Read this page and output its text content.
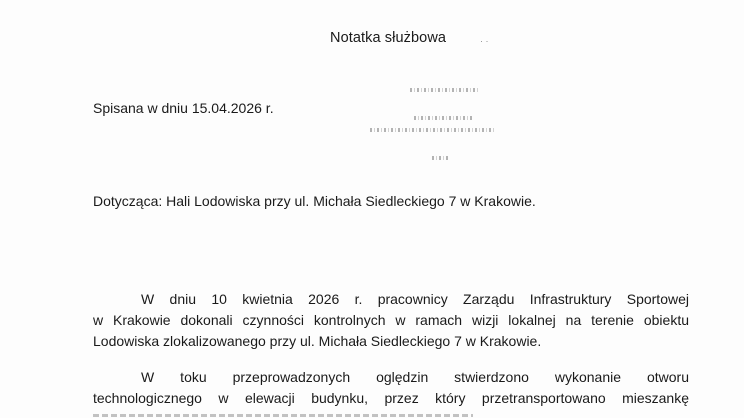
Notatka służbowa	· ·
Spisana w dniu 15.04.2026 r.
Dotycząca: Hali Lodowiska przy ul. Michała Siedleckiego 7 w Krakowie.
W dniu 10 kwietnia 2026 r. pracownicy Zarządu Infrastruktury Sportowej
w Krakowie dokonali czynności kontrolnych w ramach wizji lokalnej na terenie obiektu
Lodowiska zlokalizowanego przy ul. Michała Siedleckiego 7 w Krakowie.
W toku przeprowadzonych oględzin stwierdzono wykonanie otworu
technologicznego w elewacji budynku, przez który przetransportowano mieszankę
